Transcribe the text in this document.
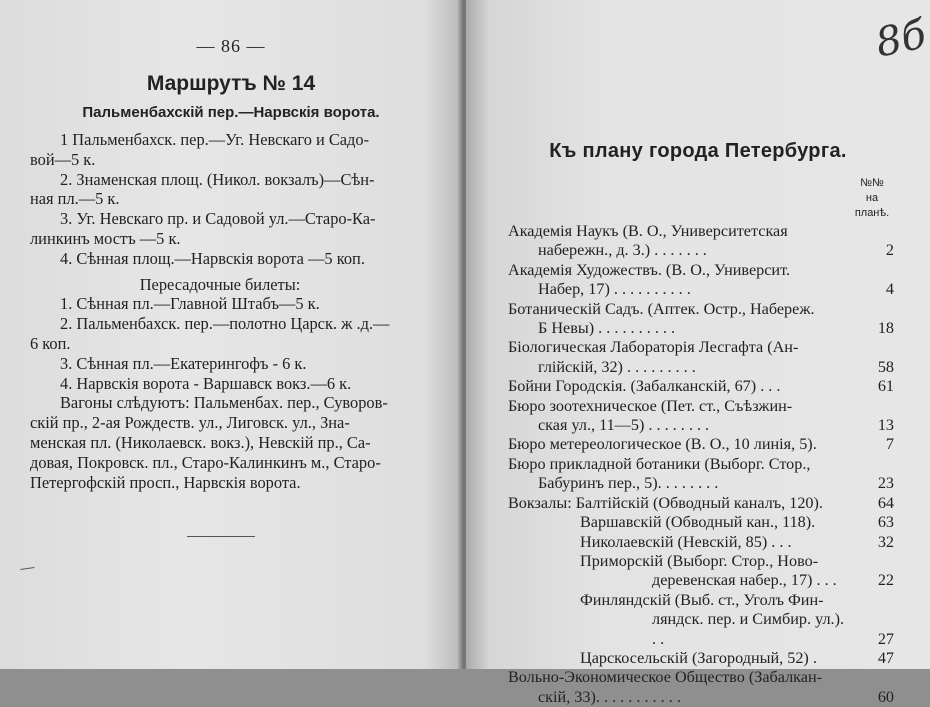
— 86 —
Маршрутъ № 14
Пальменбахскій пер.—Нарвскія ворота.

1 Пальменбахск. пер.—Уг. Невскаго и Садо-

вой—5 к.

2. Знаменская площ. (Никол. вокзалъ)—Сѣн-

ная пл.—5 к.

3. Уг. Невскаго пр. и Садовой ул.—Старо-Ка-

линкинъ мостъ —5 к.

4. Сѣнная площ.—Нарвскія ворота —5 коп.

Пересадочные билеты:

1. Сѣнная пл.—Главной Штабъ—5 к.

2. Пальменбахск. пер.—полотно Царск. ж .д.—

6 коп.

3. Сѣнная пл.—Екатерингофъ - 6 к.

4. Нарвскія ворота - Варшавск вокз.—6 к.

Вагоны слѣдуютъ: Пальменбах. пер., Суворов-

скій пр., 2-ая Рождеств. ул., Лиговск. ул., Зна-

менская пл. (Николаевск. вокз.), Невскій пр., Са-

довая, Покровск. пл., Старо-Калинкинъ м., Старо-

Петергофскій просп., Нарвскія ворота.

8б
Къ плану города Петербурга.
№№
на
планѣ.
Академія Наукъ (В. О., Университетская
набережн., д. 3.) . . . . . . .	2
Академія Художествъ. (В. О., Университ.
Набер, 17) . . . . . . . . . .	4
Ботаническій Садъ. (Аптек. Остр., Набереж.
Б Невы) . . . . . . . . . .	18
Біологическая Лабораторія Лесгафта (Ан-
глійскій, 32) . . . . . . . . .	58
Бойни Городскія. (Забалканскій, 67) . . .	61
Бюро зоотехническое (Пет. ст., Съѣзжин-
ская ул., 11—5) . . . . . . . .	13
Бюро метереологическое (В. О., 10 линія, 5).	7
Бюро прикладной ботаники (Выборг. Стор.,
Бабуринъ пер., 5). . . . . . . .	23
Вокзалы: Балтійскій (Обводный каналъ, 120).	64
Варшавскій (Обводный кан., 118).	63
Николаевскій (Невскій, 85) . . .	32
Приморскій (Выборг. Стор., Ново-
деревенская набер., 17) . . .	22
Финляндскій (Выб. ст., Уголъ Фин-
ляндск. пер. и Симбир. ул.). . .	27
Царскосельскій (Загородный, 52) .	47
Вольно-Экономическое Общество (Забалкан-
скій, 33). . . . . . . . . . .	60
